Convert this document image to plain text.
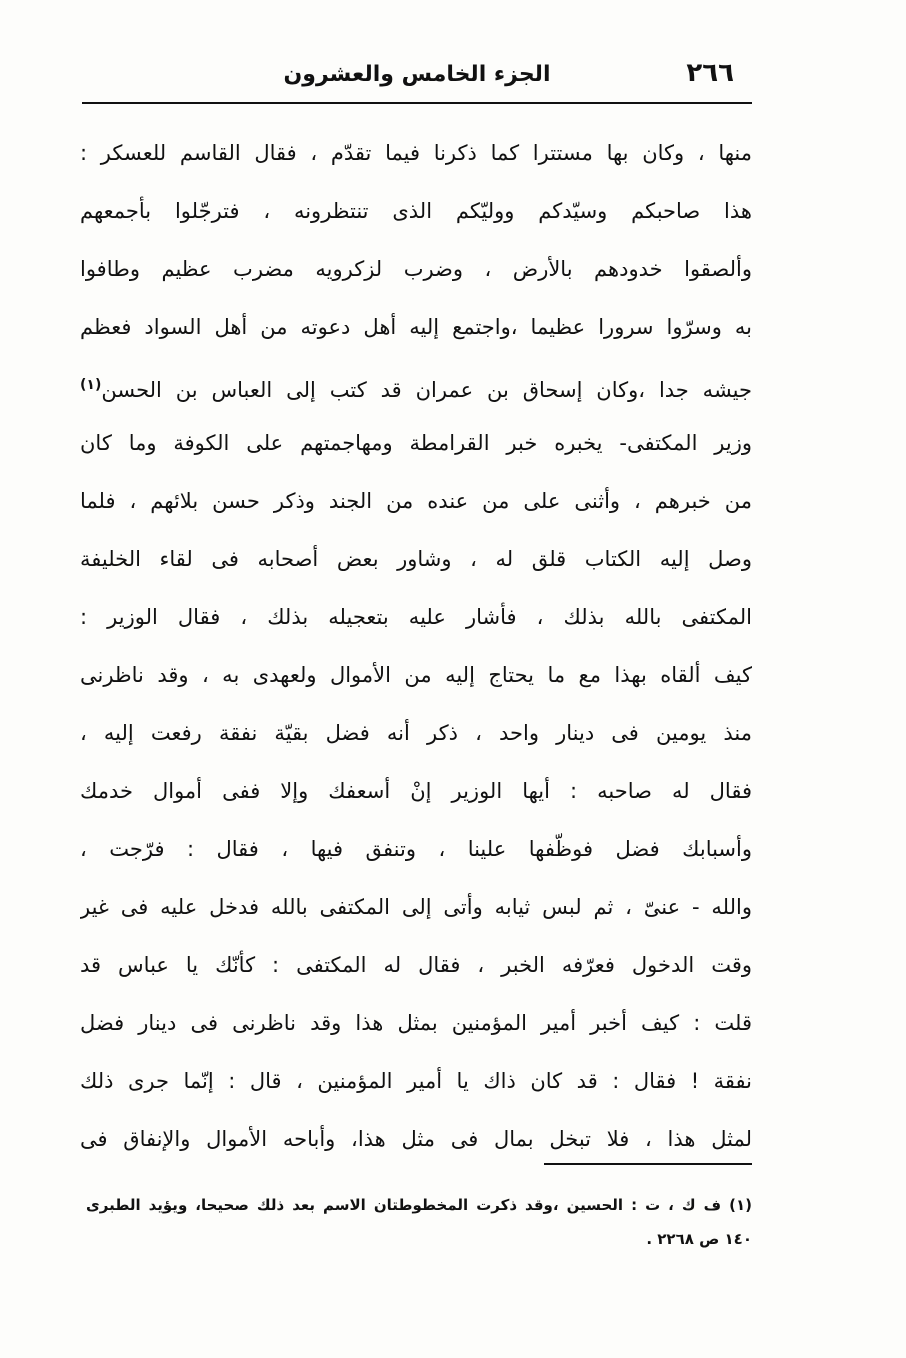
٢٦٦
الجزء الخامس والعشرون
منها ، وكان بها مستترا كما ذكرنا فيما تقدّم ، فقال القاسم للعسكر :
هذا صاحبكم وسيّدكم ووليّكم الذى تنتظرونه ، فترجّلوا بأجمعهم
وألصقوا خدودهم بالأرض ، وضرب لزكرويه مضرب عظيم وطافوا
به وسرّوا سرورا عظيما ،واجتمع إليه أهل دعوته من أهل السواد فعظم
جيشه جدا ،وكان إسحاق بن عمران قد كتب إلى العباس بن الحسن$^{(١)}$
وزير المكتفى- يخبره خبر القرامطة ومهاجمتهم على الكوفة وما كان
من خبرهم ، وأثنى على من عنده من الجند وذكر حسن بلائهم ، فلما
وصل إليه الكتاب قلق له ، وشاور بعض أصحابه فى لقاء الخليفة
المكتفى بالله بذلك ، فأشار عليه بتعجيله بذلك ، فقال الوزير :
كيف ألقاه بهذا مع ما يحتاج إليه من الأموال ولعهدى به ، وقد ناظرنى
منذ يومين فى دينار واحد ، ذكر أنه فضل بقيّة نفقة رفعت إليه ،
فقال له صاحبه : أيها الوزير إنْ أسعفك وإلا ففى أموال خدمك
وأسبابك فضل فوظّفها علينا ، وتنفق فيها ، فقال : فرّجت ،
والله - عنىّ ، ثم لبس ثيابه وأتى إلى المكتفى بالله فدخل عليه فى غير
وقت الدخول فعرّفه الخبر ، فقال له المكتفى : كأنّك يا عباس قد
قلت : كيف أخبر أمير المؤمنين بمثل هذا وقد ناظرنى فى دينار فضل
نفقة ! فقال : قد كان ذاك يا أمير المؤمنين ، قال : إنّما جرى ذلك
لمثل هذا ، فلا تبخل بمال فى مثل هذا، وأباحه الأموال والإنفاق فى
(١) ف ك ، ت : الحسين ،وقد ذكرت المخطوطتان الاسم بعد ذلك صحيحا، ويؤيد الطبرى
١٤٠ ص ٢٢٦٨ .
